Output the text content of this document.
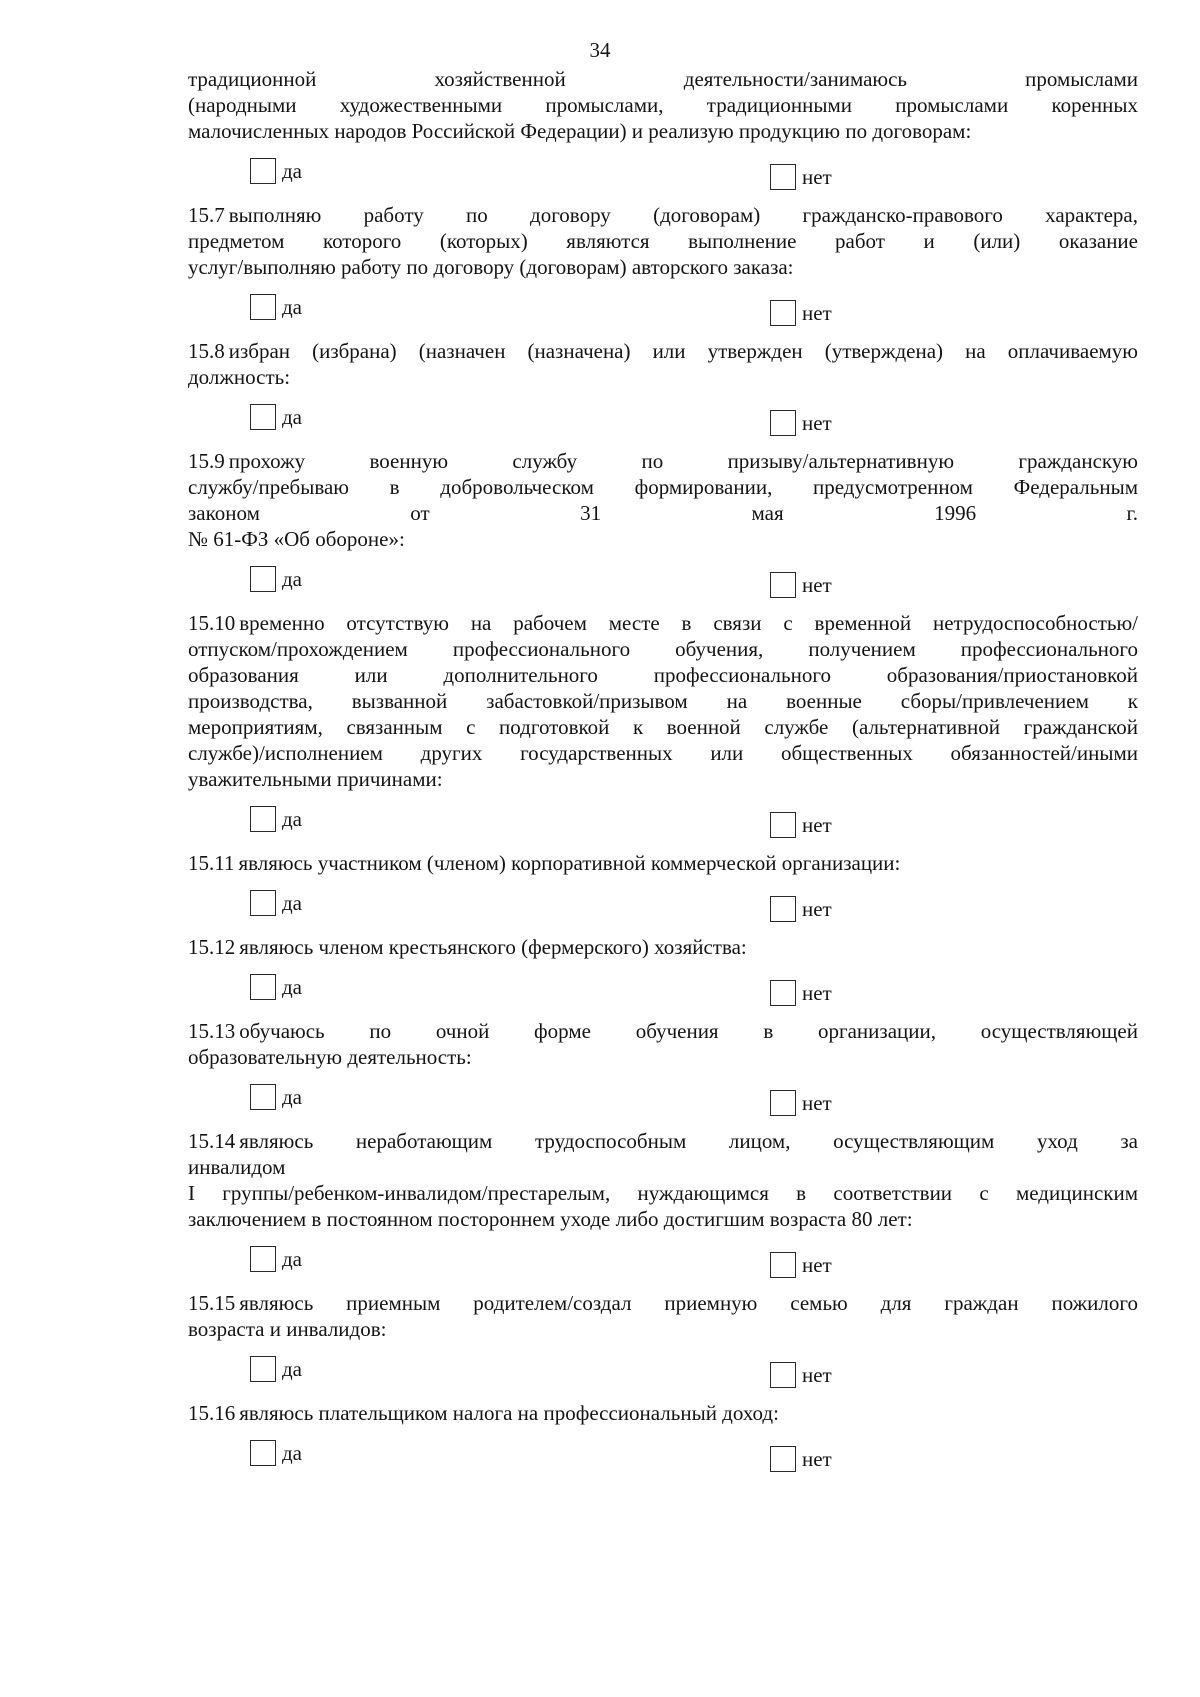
34
традиционной хозяйственной деятельности/занимаюсь промыслами
(народными художественными промыслами, традиционными промыслами коренных
малочисленных народов Российской Федерации) и реализую продукцию по договорам:
да	нет
15.7 выполняю работу по договору (договорам) гражданско-правового характера,
предметом которого (которых) являются выполнение работ и (или) оказание
услуг/выполняю работу по договору (договорам) авторского заказа:
да	нет
15.8 избран (избрана) (назначен (назначена) или утвержден (утверждена) на оплачиваемую
должность:
да	нет
15.9 прохожу военную службу по призыву/альтернативную гражданскую
службу/пребываю в добровольческом формировании, предусмотренном Федеральным
законом от 31 мая 1996 г.
№ 61-ФЗ «Об обороне»:
да	нет
15.10 временно отсутствую на рабочем месте в связи с временной нетрудоспособностью/
отпуском/прохождением профессионального обучения, получением профессионального
образования или дополнительного профессионального образования/приостановкой
производства, вызванной забастовкой/призывом на военные сборы/привлечением к
мероприятиям, связанным с подготовкой к военной службе (альтернативной гражданской
службе)/исполнением других государственных или общественных обязанностей/иными
уважительными причинами:
да	нет
15.11 являюсь участником (членом) корпоративной коммерческой организации:
да	нет
15.12 являюсь членом крестьянского (фермерского) хозяйства:
да	нет
15.13 обучаюсь по очной форме обучения в организации, осуществляющей
образовательную деятельность:
да	нет
15.14 являюсь неработающим трудоспособным лицом, осуществляющим уход за
инвалидом
I группы/ребенком-инвалидом/престарелым, нуждающимся в соответствии с медицинским
заключением в постоянном постороннем уходе либо достигшим возраста 80 лет:
да	нет
15.15 являюсь приемным родителем/создал приемную семью для граждан пожилого
возраста и инвалидов:
да	нет
15.16 являюсь плательщиком налога на профессиональный доход:
да	нет
